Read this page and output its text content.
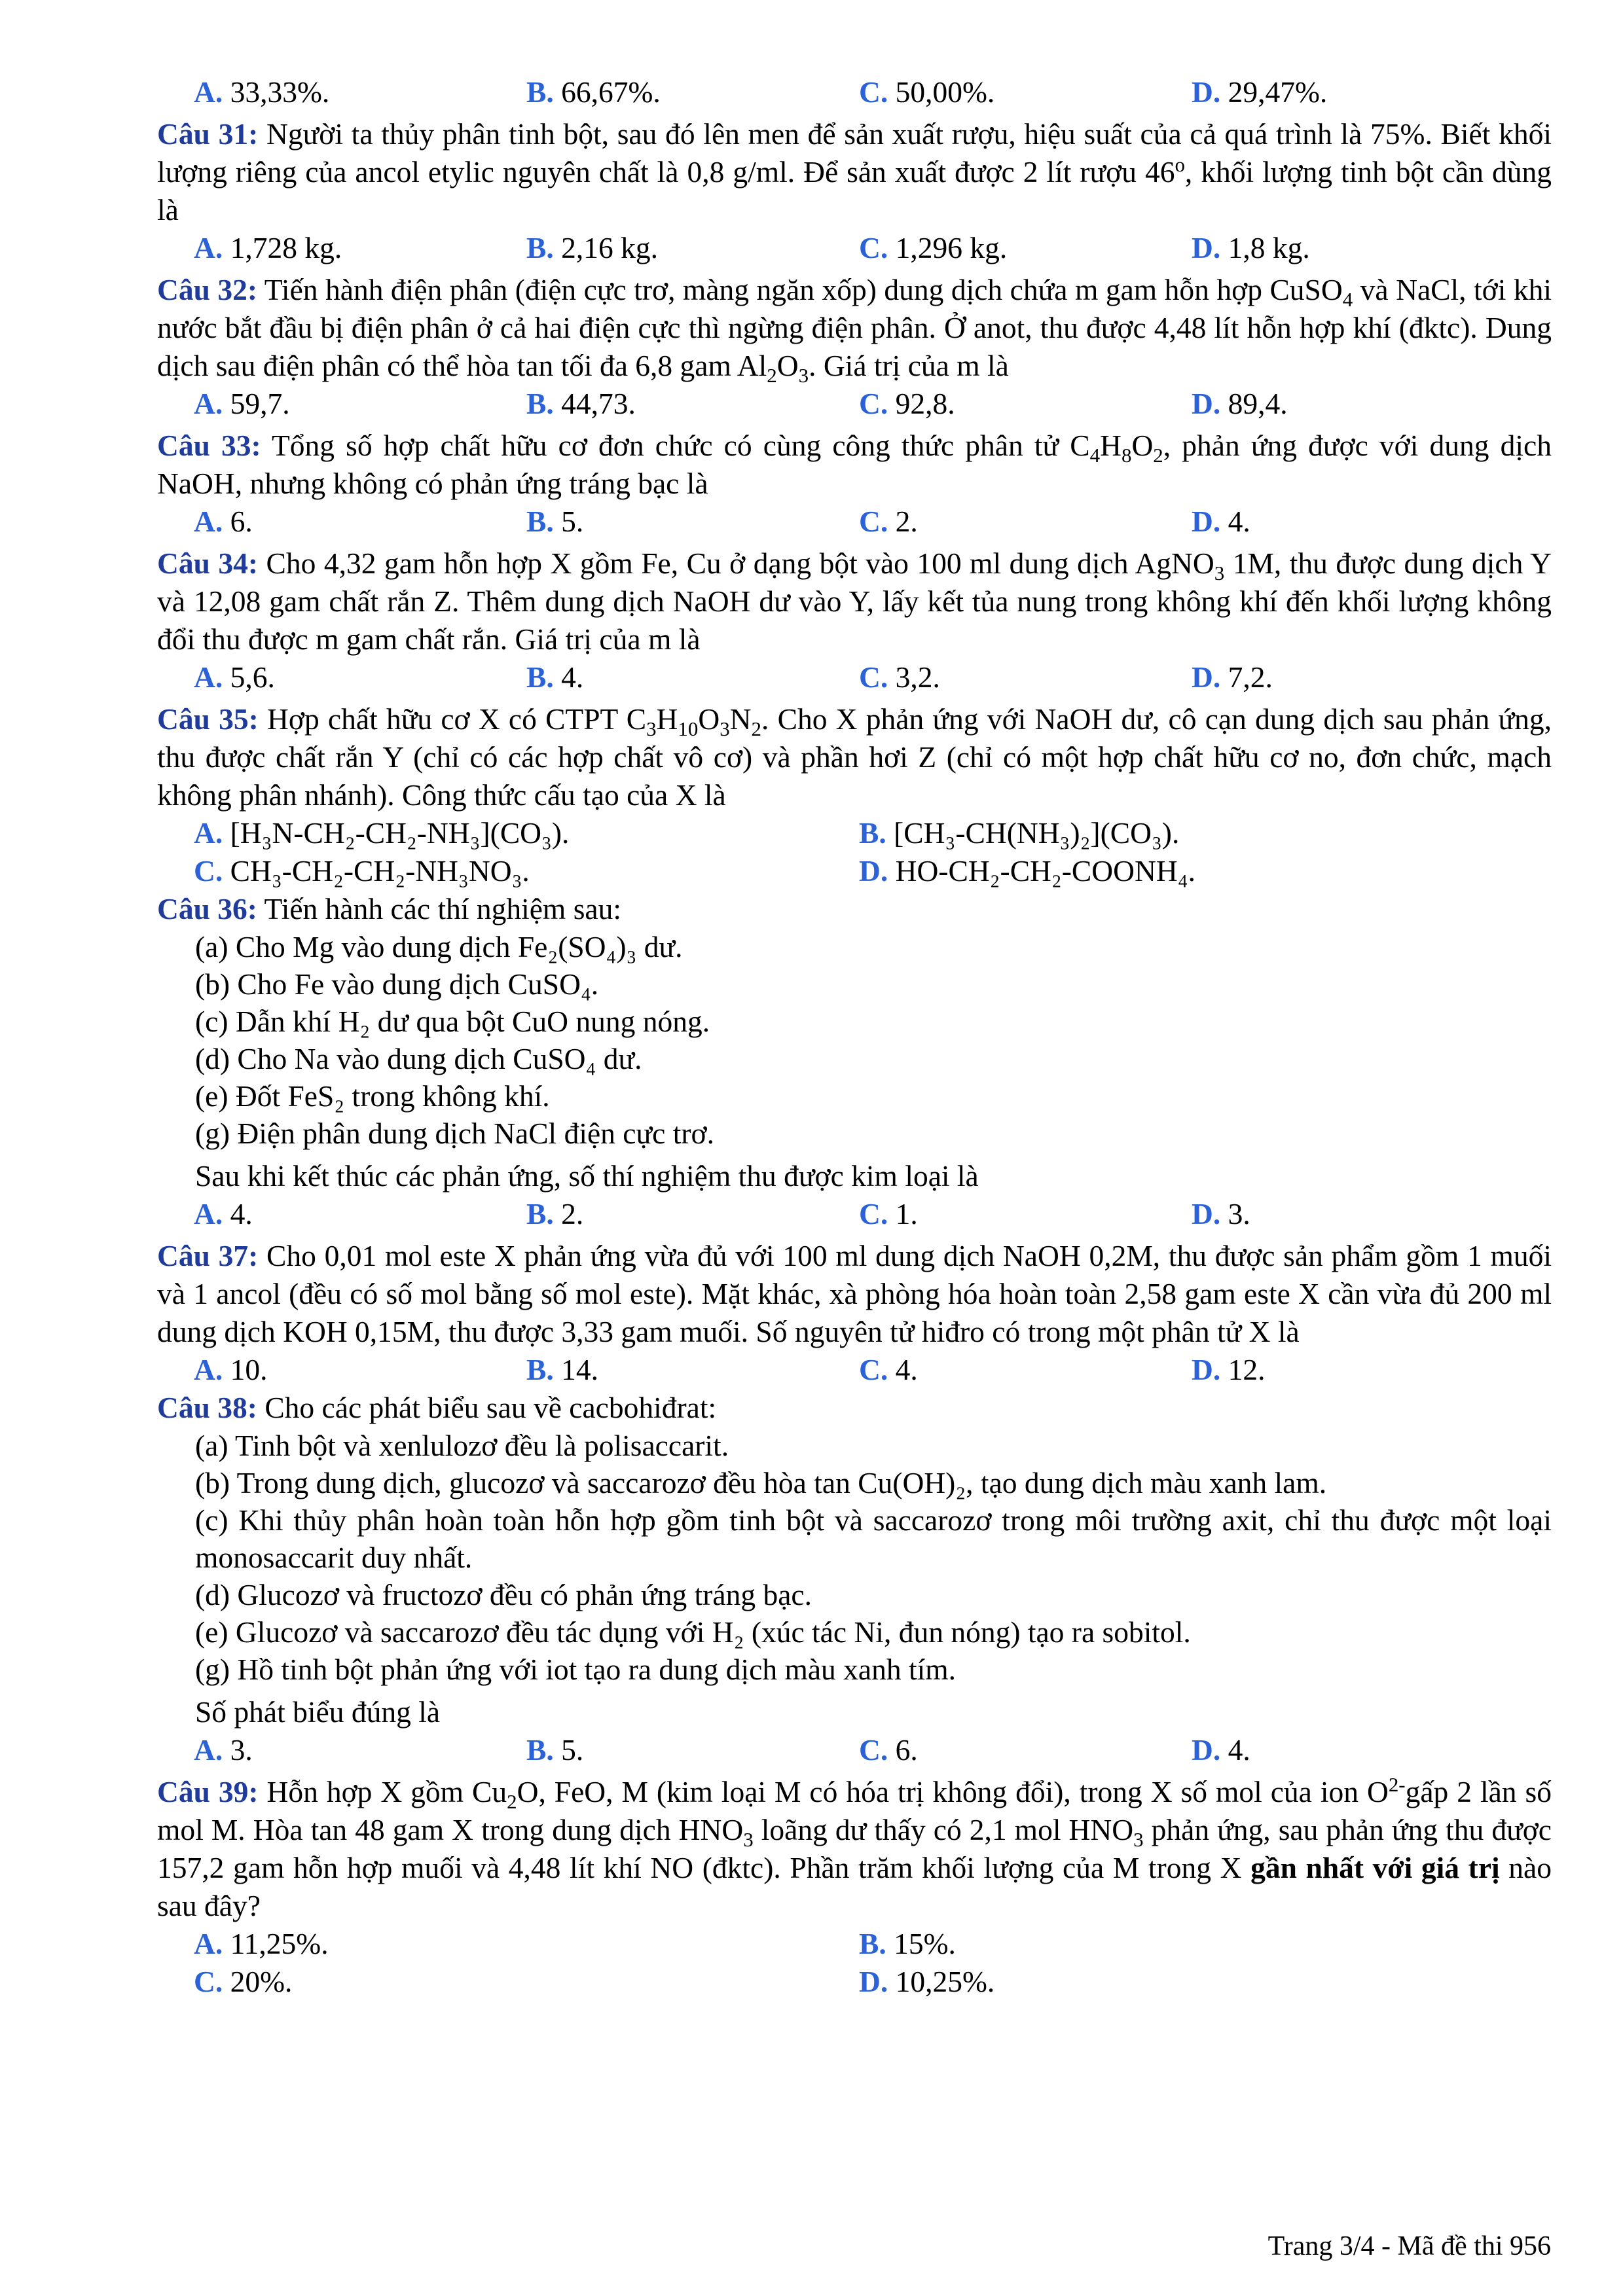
A. 33,33%.	B. 66,67%.	C. 50,00%.	D. 29,47%.

Câu 31: Người ta thủy phân tinh bột, sau đó lên men để sản xuất rượu, hiệu suất của cả quá trình là 75%. Biết khối lượng riêng của ancol etylic nguyên chất là 0,8 g/ml. Để sản xuất được 2 lít rượu 46$^o$, khối lượng tinh bột cần dùng là

A. 1,728 kg.	B. 2,16 kg.	C. 1,296 kg.	D. 1,8 kg.

Câu 32: Tiến hành điện phân (điện cực trơ, màng ngăn xốp) dung dịch chứa m gam hỗn hợp CuSO$_4$ và NaCl, tới khi nước bắt đầu bị điện phân ở cả hai điện cực thì ngừng điện phân. Ở anot, thu được 4,48 lít hỗn hợp khí (đktc). Dung dịch sau điện phân có thể hòa tan tối đa 6,8 gam $Al_2O_3$. Giá trị của m là

A. 59,7.	B. 44,73.	C. 92,8.	D. 89,4.

Câu 33: Tổng số hợp chất hữu cơ đơn chức có cùng công thức phân tử $C_4H_8O_2$, phản ứng được với dung dịch NaOH, nhưng không có phản ứng tráng bạc là

A. 6.	B. 5.	C. 2.	D. 4.

Câu 34: Cho 4,32 gam hỗn hợp X gồm Fe, Cu ở dạng bột vào 100 ml dung dịch AgNO$_3$ 1M, thu được dung dịch Y và 12,08 gam chất rắn Z. Thêm dung dịch NaOH dư vào Y, lấy kết tủa nung trong không khí đến khối lượng không đổi thu được m gam chất rắn. Giá trị của m là

A. 5,6.	B. 4.	C. 3,2.	D. 7,2.

Câu 35: Hợp chất hữu cơ X có CTPT $C_3H_{10}O_3N_2$. Cho X phản ứng với NaOH dư, cô cạn dung dịch sau phản ứng, thu được chất rắn Y (chỉ có các hợp chất vô cơ) và phần hơi Z (chỉ có một hợp chất hữu cơ no, đơn chức, mạch không phân nhánh). Công thức cấu tạo của X là

A. [H₃N-CH₂-CH₂-NH₃](CO₃).	B. [CH₃-CH(NH₃)₂](CO₃).
C. CH₃-CH₂-CH₂-NH₃NO₃.	D. HO-CH₂-CH₂-COONH₄.

Câu 36: Tiến hành các thí nghiệm sau:

(a) Cho Mg vào dung dịch Fe₂(SO₄)₃ dư.

(b) Cho Fe vào dung dịch CuSO₄.

(c) Dẫn khí H₂ dư qua bột CuO nung nóng.

(d) Cho Na vào dung dịch CuSO₄ dư.

(e) Đốt FeS₂ trong không khí.

(g) Điện phân dung dịch NaCl điện cực trơ.

Sau khi kết thúc các phản ứng, số thí nghiệm thu được kim loại là
A. 4.	B. 2.	C. 1.	D. 3.

Câu 37: Cho 0,01 mol este X phản ứng vừa đủ với 100 ml dung dịch NaOH 0,2M, thu được sản phẩm gồm 1 muối và 1 ancol (đều có số mol bằng số mol este). Mặt khác, xà phòng hóa hoàn toàn 2,58 gam este X cần vừa đủ 200 ml dung dịch KOH 0,15M, thu được 3,33 gam muối. Số nguyên tử hiđro có trong một phân tử X là

A. 10.	B. 14.	C. 4.	D. 12.

Câu 38: Cho các phát biểu sau về cacbohiđrat:

(a) Tinh bột và xenlulozơ đều là polisaccarit.

(b) Trong dung dịch, glucozơ và saccarozơ đều hòa tan Cu(OH)₂, tạo dung dịch màu xanh lam.

(c) Khi thủy phân hoàn toàn hỗn hợp gồm tinh bột và saccarozơ trong môi trường axit, chỉ thu được một loại monosaccarit duy nhất.

(d) Glucozơ và fructozơ đều có phản ứng tráng bạc.

(e) Glucozơ và saccarozơ đều tác dụng với H₂ (xúc tác Ni, đun nóng) tạo ra sobitol.

(g) Hồ tinh bột phản ứng với iot tạo ra dung dịch màu xanh tím.

Số phát biểu đúng là
A. 3.	B. 5.	C. 6.	D. 4.

Câu 39: Hỗn hợp X gồm $Cu_2O$, FeO, M (kim loại M có hóa trị không đổi), trong X số mol của ion $O^{2-}gấp$ 2 lần số mol M. Hòa tan 48 gam X trong dung dịch $HNO_3$ loãng dư thấy có 2,1 mol $HNO_3$ phản ứng, sau phản ứng thu được 157,2 gam hỗn hợp muối và 4,48 lít khí NO (đktc). Phần trăm khối lượng của M trong X gần nhất với giá trị nào sau đây?

A. 11,25%.	B. 15%.
C. 20%.	D. 10,25%.
Trang 3/4 - Mã đề thi 956
